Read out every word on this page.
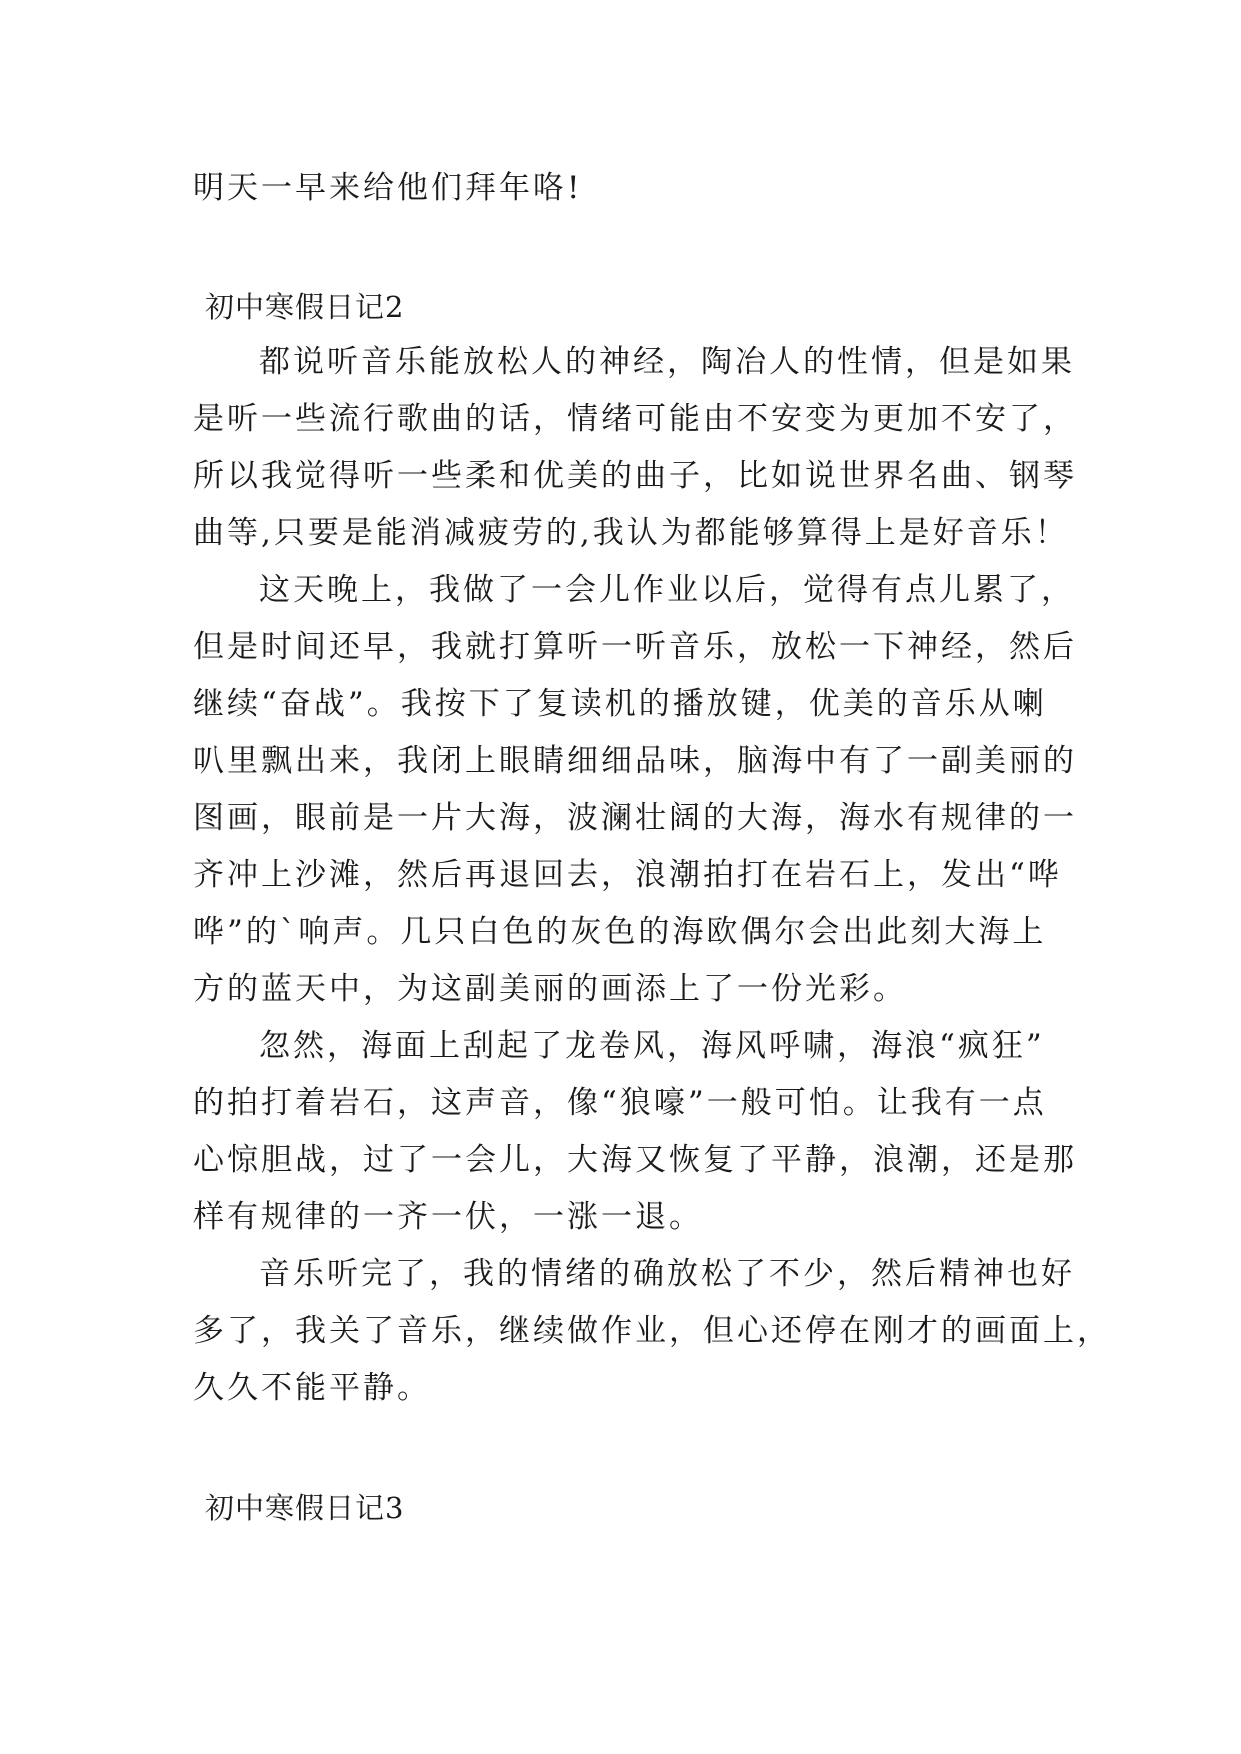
明天一早来给他们拜年咯!
初中寒假日记2
都说听音乐能放松人的神经，陶冶人的性情，但是如果
是听一些流行歌曲的话，情绪可能由不安变为更加不安了，
所以我觉得听一些柔和优美的曲子，比如说世界名曲、钢琴
曲等,只要是能消减疲劳的,我认为都能够算得上是好音乐！
这天晚上，我做了一会儿作业以后，觉得有点儿累了，
但是时间还早，我就打算听一听音乐，放松一下神经，然后
继续“奋战”。我按下了复读机的播放键，优美的音乐从喇
叭里飘出来，我闭上眼睛细细品味，脑海中有了一副美丽的
图画，眼前是一片大海，波澜壮阔的大海，海水有规律的一
齐冲上沙滩，然后再退回去，浪潮拍打在岩石上，发出“哗
哗”的`响声。几只白色的灰色的海欧偶尔会出此刻大海上
方的蓝天中，为这副美丽的画添上了一份光彩。
忽然，海面上刮起了龙卷风，海风呼啸，海浪“疯狂”
的拍打着岩石，这声音，像“狼嚎”一般可怕。让我有一点
心惊胆战，过了一会儿，大海又恢复了平静，浪潮，还是那
样有规律的一齐一伏，一涨一退。
音乐听完了，我的情绪的确放松了不少，然后精神也好
多了，我关了音乐，继续做作业，但心还停在刚才的画面上，
久久不能平静。
初中寒假日记3
